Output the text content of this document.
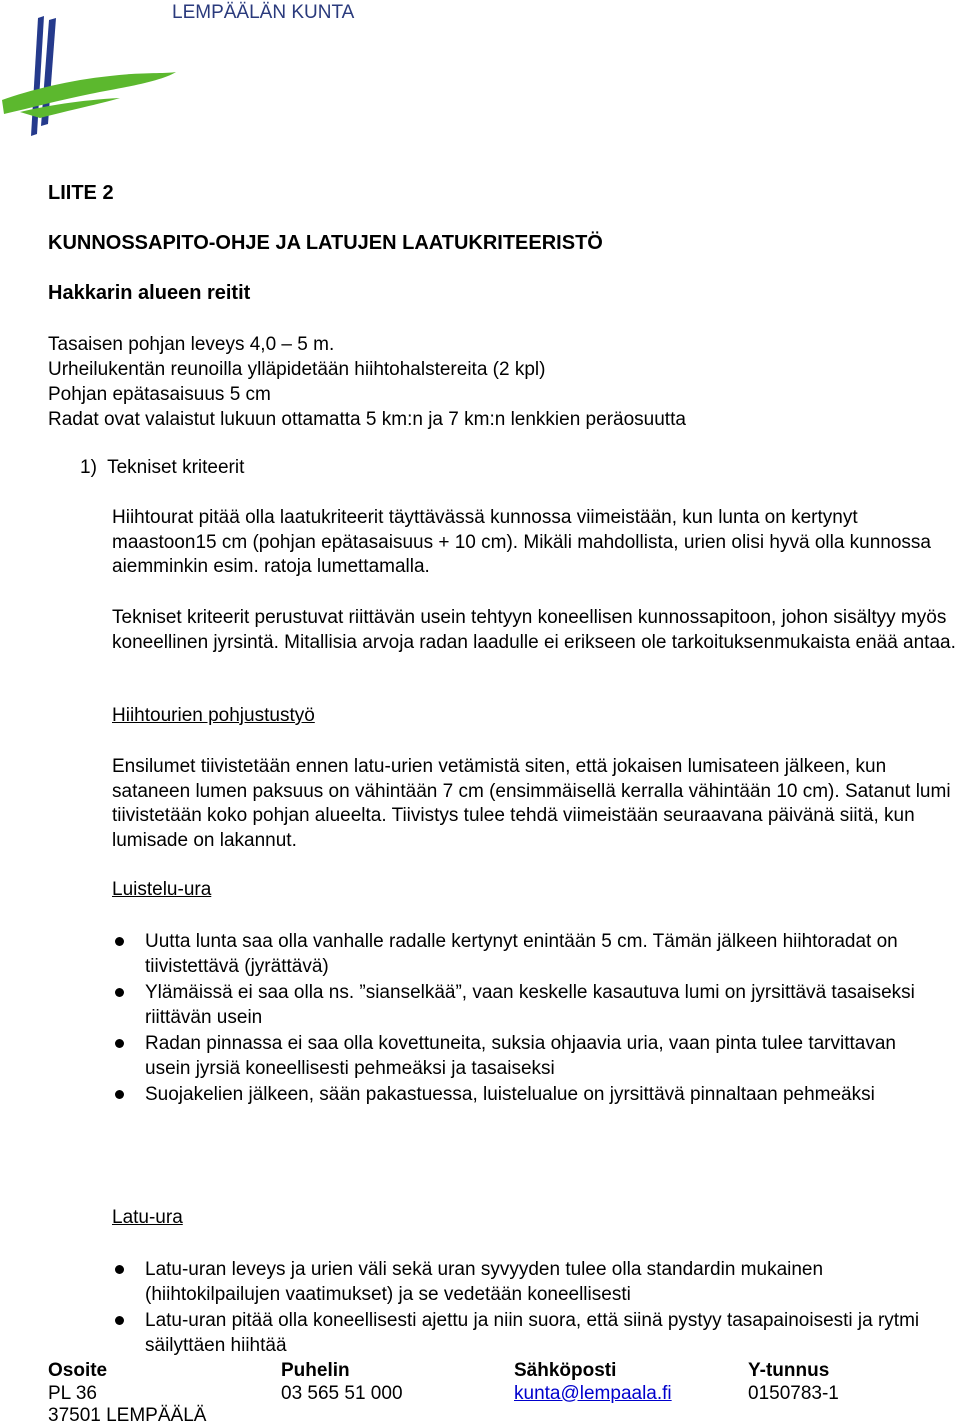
LEMPÄÄLÄN KUNTA
LIITE 2
KUNNOSSAPITO-OHJE JA LATUJEN LAATUKRITEERISTÖ
Hakkarin alueen reitit
Tasaisen pohjan leveys 4,0 – 5 m.
Urheilukentän reunoilla ylläpidetään hiihtohalstereita (2 kpl)
Pohjan epätasaisuus 5 cm
Radat ovat valaistut lukuun ottamatta 5 km:n ja 7 km:n lenkkien peräosuutta
1)  Tekniset kriteerit
Hiihtourat pitää olla laatukriteerit täyttävässä kunnossa viimeistään, kun lunta on kertynyt maastoon15 cm (pohjan epätasaisuus + 10 cm). Mikäli mahdollista, urien olisi hyvä olla kunnossa aiemminkin esim. ratoja lumettamalla.
Tekniset kriteerit perustuvat riittävän usein tehtyyn koneellisen kunnossapitoon, johon sisältyy myös koneellinen jyrsintä. Mitallisia arvoja radan laadulle ei erikseen ole tarkoituksenmukaista enää antaa.
Hiihtourien pohjustustyö
Ensilumet tiivistetään ennen latu-urien vetämistä siten, että jokaisen lumisateen jälkeen, kun sataneen lumen paksuus on vähintään 7 cm (ensimmäisellä kerralla vähintään 10 cm). Satanut lumi tiivistetään koko pohjan alueelta. Tiivistys tulee tehdä viimeistään seuraavana päivänä siitä, kun lumisade on lakannut.
Luistelu-ura
Uutta lunta saa olla vanhalle radalle kertynyt enintään 5 cm. Tämän jälkeen hiihtoradat on tiivistettävä (jyrättävä)
Ylämäissä ei saa olla ns. ”sianselkää”, vaan keskelle kasautuva lumi on jyrsittävä tasaiseksi riittävän usein
Radan pinnassa ei saa olla kovettuneita, suksia ohjaavia uria, vaan pinta tulee tarvittavan usein jyrsiä koneellisesti pehmeäksi ja tasaiseksi
Suojakelien jälkeen, sään pakastuessa, luistelualue on jyrsittävä pinnaltaan pehmeäksi
Latu-ura
Latu-uran leveys ja urien väli sekä uran syvyyden tulee olla standardin mukainen (hiihtokilpailujen vaatimukset) ja se vedetään koneellisesti
Latu-uran pitää olla koneellisesti ajettu ja niin suora, että siinä pystyy tasapainoisesti ja rytmi säilyttäen hiihtää
Osoite
PL 36
37501 LEMPÄÄLÄ
Puhelin
03 565 51 000
Sähköposti
kunta@lempaala.fi
Y-tunnus
0150783-1
